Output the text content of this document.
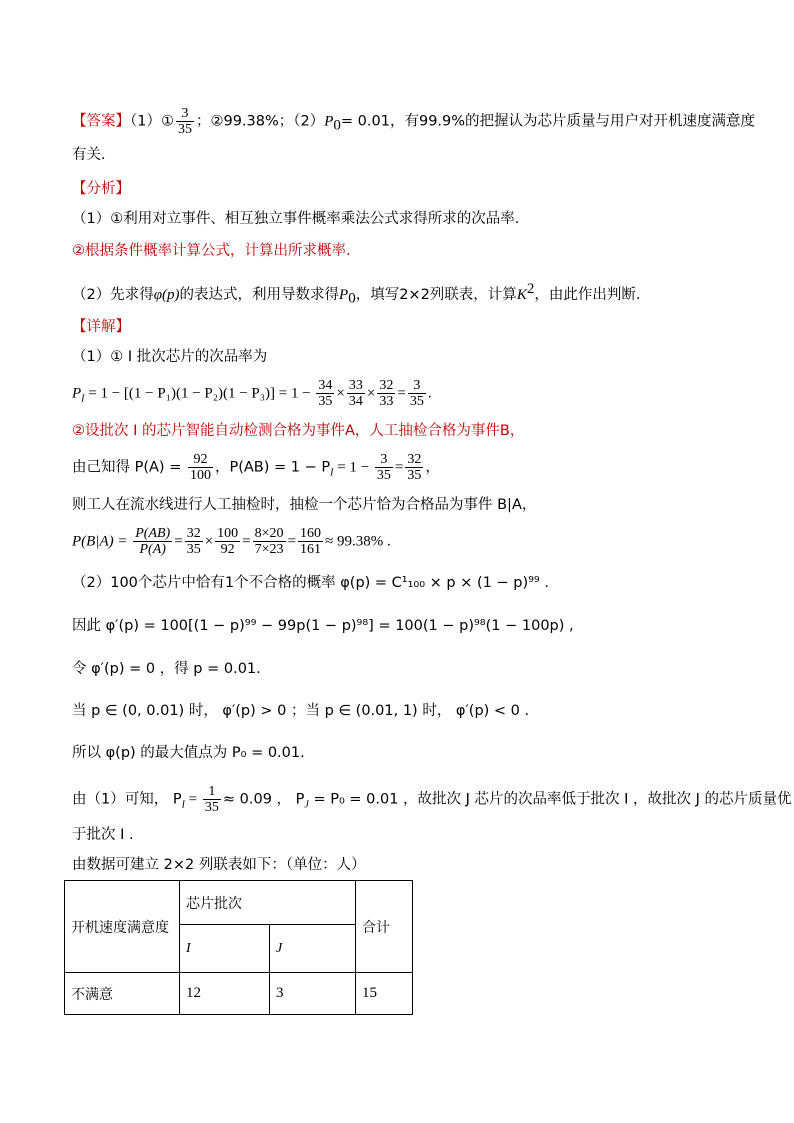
【答案】（1）① $\frac{3}{35}$ ；②99.38%；$(2)P_0= 0.01$，有99.9%的把握认为芯片质量与用户对开机速度满意度
有关.
【分析】
（1）①利用对立事件、相互独立事件概率乘法公式求得所求的次品率.
②根据条件概率计算公式，计算出所求概率.
（2）先求得φ(p)的表达式，利用导数求得$P_0$，填写2×2列联表，计算$K^2$，由此作出判断.
【详解】
（1）① I 批次芯片的次品率为
$P_I = 1 - [(1 - P_1)(1 - P_2)(1 - P_3)] = 1 - \frac{34}{35} \times \frac{33}{34} \times \frac{32}{33} = \frac{3}{35}$ .
②设批次 I 的芯片智能自动检测合格为事件A，人工抽检合格为事件B，
由己知得 $P(A) = \frac{92}{100}$ ，$P(AB) = 1 - P_I = 1 - \frac{3}{35} = \frac{32}{35}$ ，
则工人在流水线进行人工抽检时，抽检一个芯片恰为合格品为事件 B|A，
$P(B|A) = \frac{P(AB)}{P(A)} = \frac{32}{35} \times \frac{100}{92} = \frac{8\times 20}{7\times 23} = \frac{160}{161} \approx 99.38\%$ .
（2）100个芯片中恰有1个不合格的概率 φ(p) = C¹₁₀₀ × p × (1 − p)⁹⁹ .
因此 φ′(p) = 100[(1 − p)⁹⁹ − 99p(1 − p)⁹⁸] = 100(1 − p)⁹⁸(1 − 100p) ,
令 φ′(p) = 0 ，得 p = 0.01.
当 p ∈ (0, 0.01) 时， φ′(p) > 0 ；当 p ∈ (0.01, 1) 时， φ′(p) < 0 .
所以 φ(p) 的最大值点为 P₀ = 0.01.
由（1）可知， $P_I = \frac{1}{35} \approx 0.09$ ， $P_J = P_0 = 0.01$ ，故批次 J 芯片的次品率低于批次 I ，故批次 J 的芯片质量优
于批次 I .
由数据可建立 2×2 列联表如下：（单位：人）
开机速度满意度	芯片批次		合计
	I	J	
不满意	12	3	15
